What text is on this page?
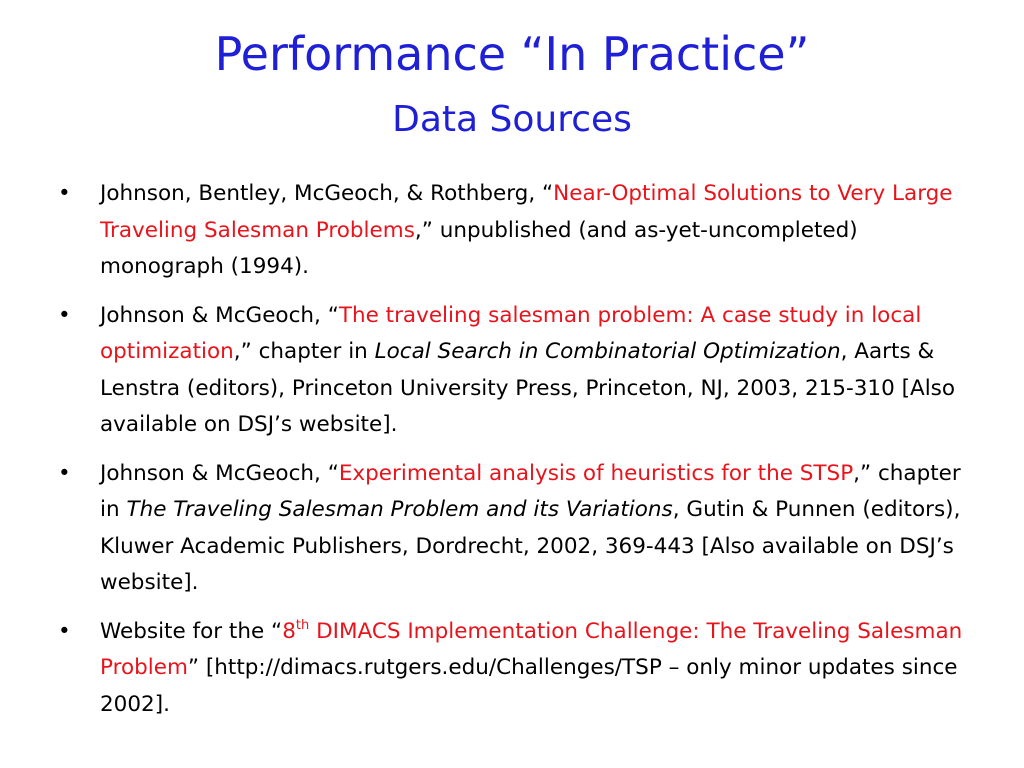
Performance “In Practice”
Data Sources
• Johnson, Bentley, McGeoch, & Rothberg, “Near-Optimal Solutions to Very Large Traveling Salesman Problems,” unpublished (and as-yet-uncompleted) monograph (1994).
• Johnson & McGeoch, “The traveling salesman problem: A case study in local optimization,” chapter in Local Search in Combinatorial Optimization, Aarts & Lenstra (editors), Princeton University Press, Princeton, NJ, 2003, 215-310 [Also available on DSJ’s website].
• Johnson & McGeoch, “Experimental analysis of heuristics for the STSP,” chapter in The Traveling Salesman Problem and its Variations, Gutin & Punnen (editors), Kluwer Academic Publishers, Dordrecht, 2002, 369-443 [Also available on DSJ’s website].
• Website for the “8th DIMACS Implementation Challenge: The Traveling Salesman Problem” [http://dimacs.rutgers.edu/Challenges/TSP – only minor updates since 2002].
